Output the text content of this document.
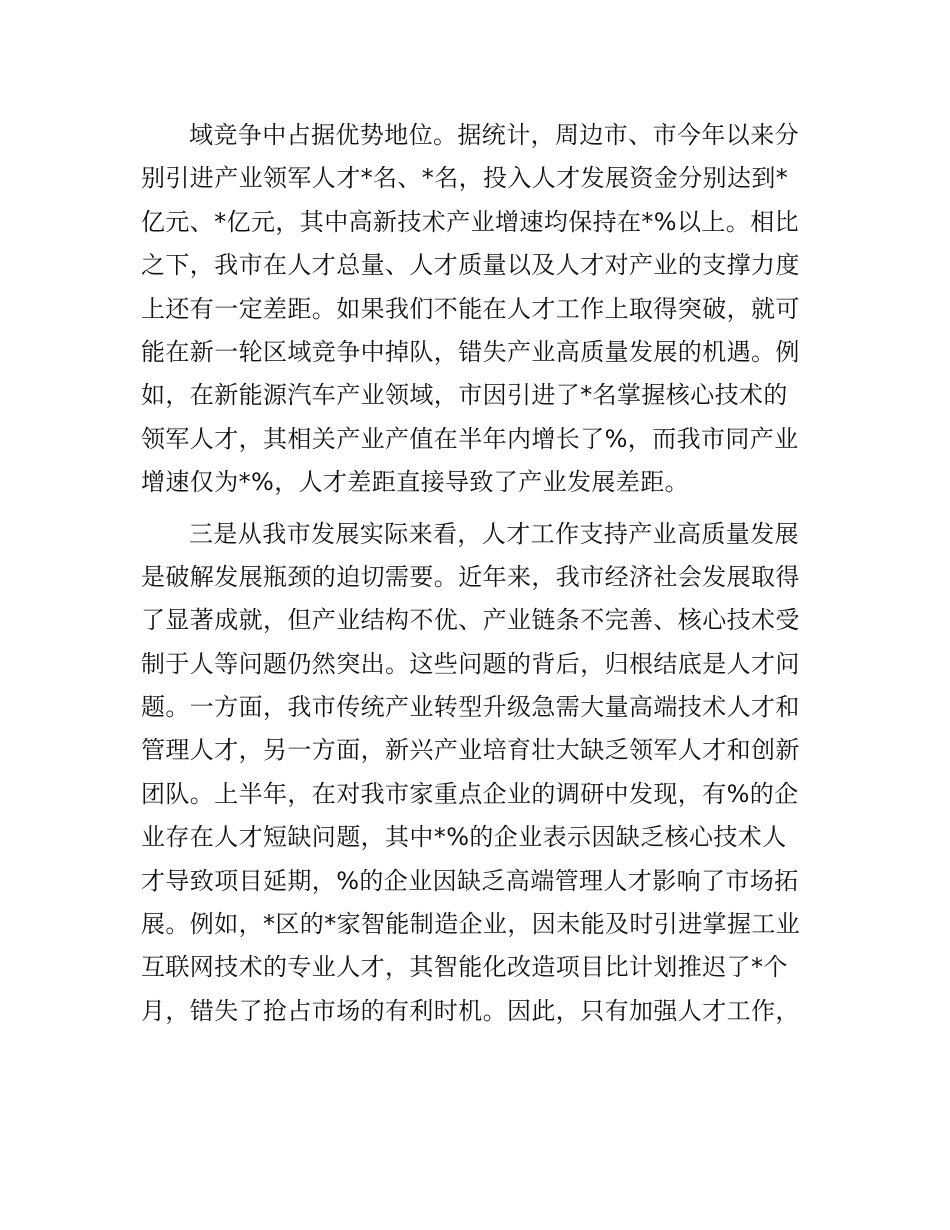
域竞争中占据优势地位。据统计，周边市、市今年以来分
别引进产业领军人才*名、*名，投入人才发展资金分别达到*
亿元、*亿元，其中高新技术产业增速均保持在*%以上。相比
之下，我市在人才总量、人才质量以及人才对产业的支撑力度
上还有一定差距。如果我们不能在人才工作上取得突破，就可
能在新一轮区域竞争中掉队，错失产业高质量发展的机遇。例
如，在新能源汽车产业领域，市因引进了*名掌握核心技术的
领军人才，其相关产业产值在半年内增长了%，而我市同产业
增速仅为*%，人才差距直接导致了产业发展差距。
三是从我市发展实际来看，人才工作支持产业高质量发展
是破解发展瓶颈的迫切需要。近年来，我市经济社会发展取得
了显著成就，但产业结构不优、产业链条不完善、核心技术受
制于人等问题仍然突出。这些问题的背后，归根结底是人才问
题。一方面，我市传统产业转型升级急需大量高端技术人才和
管理人才，另一方面，新兴产业培育壮大缺乏领军人才和创新
团队。上半年，在对我市家重点企业的调研中发现，有%的企
业存在人才短缺问题，其中*%的企业表示因缺乏核心技术人
才导致项目延期，%的企业因缺乏高端管理人才影响了市场拓
展。例如，*区的*家智能制造企业，因未能及时引进掌握工业
互联网技术的专业人才，其智能化改造项目比计划推迟了*个
月，错失了抢占市场的有利时机。因此，只有加强人才工作，
